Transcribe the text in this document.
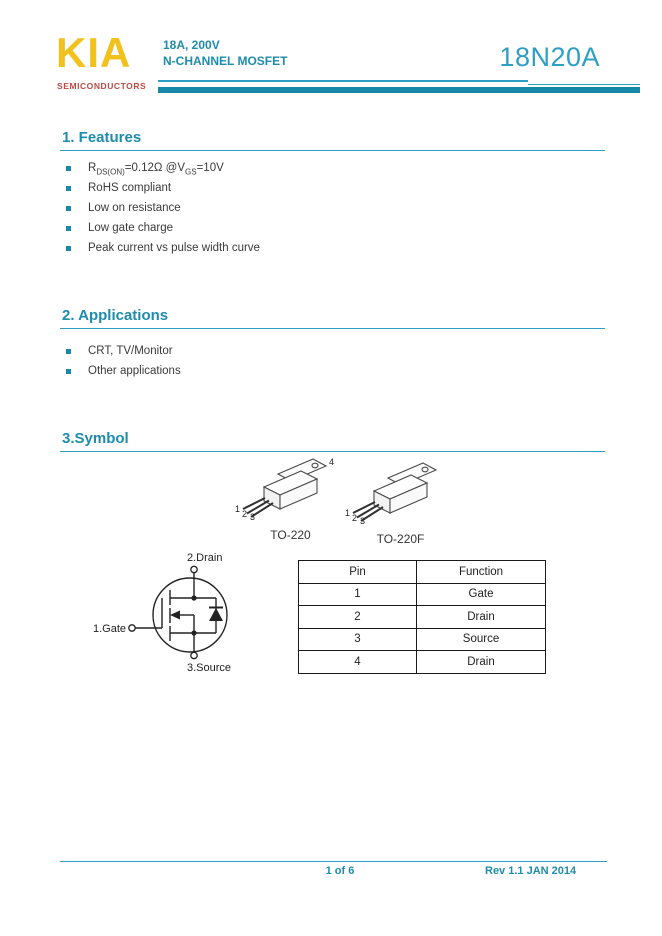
KIA
SEMICONDUCTORS
18A, 200V
N-CHANNEL MOSFET	18N20A
1. Features
$R_{DS(ON)}=0.12\Omega$ $@V_{GS}=10V$
RoHS compliant
Low on resistance
Low gate charge
Peak current vs pulse width curve
2. Applications
CRT, TV/Monitor
Other applications
3.Symbol
1 2 3
4
TO-220
1 2 3
TO-220F
1.Gate
2.Drain
3.Source
Pin	Function
1	Gate
2	Drain
3	Source
4	Drain
1 of 6	Rev 1.1 JAN 2014
